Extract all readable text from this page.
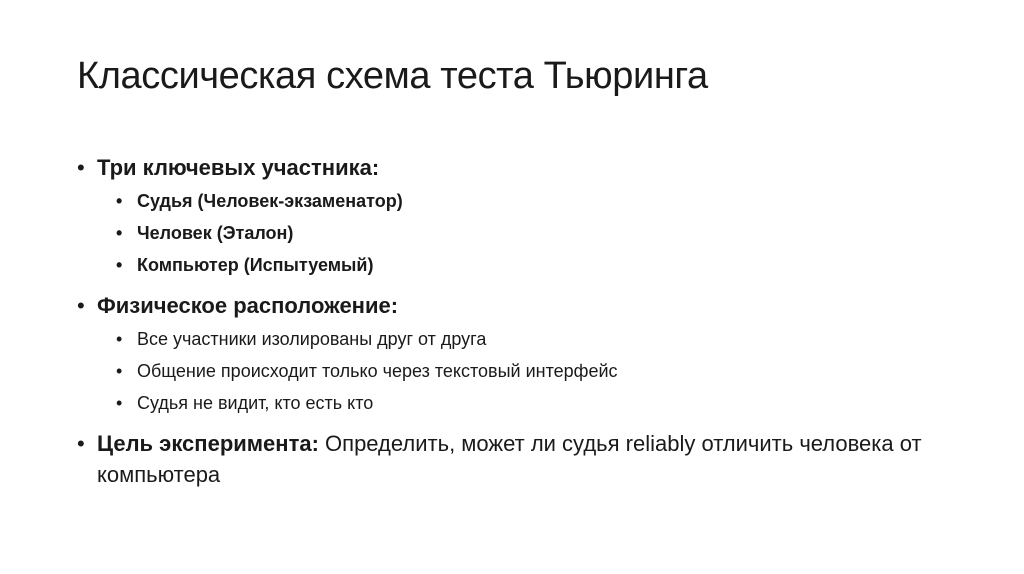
Классическая схема теста Тьюринга
• Три ключевых участника:
• Судья (Человек-экзаменатор)
• Человек (Эталон)
• Компьютер (Испытуемый)
• Физическое расположение:
• Все участники изолированы друг от друга
• Общение происходит только через текстовый интерфейс
• Судья не видит, кто есть кто
• Цель эксперимента: Определить, может ли судья reliably отличить человека от компьютера
